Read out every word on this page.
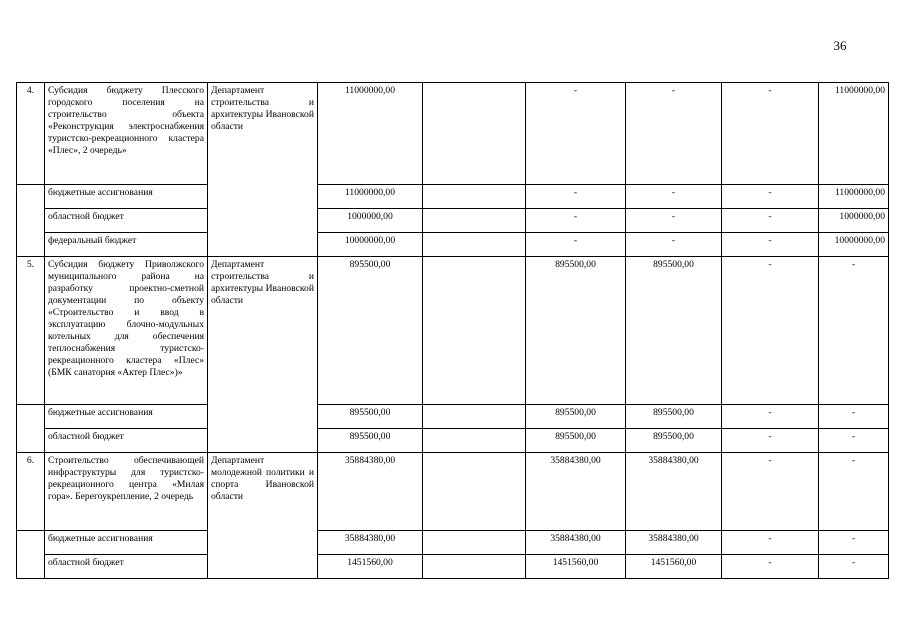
36
4.	Субсидия бюджету Плесского городского поселения на строительство объекта «Реконструкция электроснабжения туристско-рекреационного кластера «Плес», 2 очередь»	Департамент строительства и архитектуры Ивановской области	11000000,00		-	-	-	11000000,00
	бюджетные ассигнования		11000000,00		-	-	-	11000000,00
	областной бюджет		1000000,00		-	-	-	1000000,00
	федеральный бюджет		10000000,00		-	-	-	10000000,00
5.	Субсидия бюджету Приволжского муниципального района на разработку проектно-сметной документации по объекту «Строительство и ввод в эксплуатацию блочно-модульных котельных для обеспечения теплоснабжения туристско-рекреационного кластера «Плес» (БМК санатория «Актер Плес»)»	Департамент строительства и архитектуры Ивановской области	895500,00		895500,00	895500,00	-	-
	бюджетные ассигнования		895500,00		895500,00	895500,00	-	-
	областной бюджет		895500,00		895500,00	895500,00	-	-
6.	Строительство обеспечивающей инфраструктуры для туристско-рекреационного центра «Милая гора». Берегоукрепление, 2 очередь	Департамент молодежной политики и спорта Ивановской области	35884380,00		35884380,00	35884380,00	-	-
	бюджетные ассигнования		35884380,00		35884380,00	35884380,00	-	-
	областной бюджет		1451560,00		1451560,00	1451560,00	-	-
